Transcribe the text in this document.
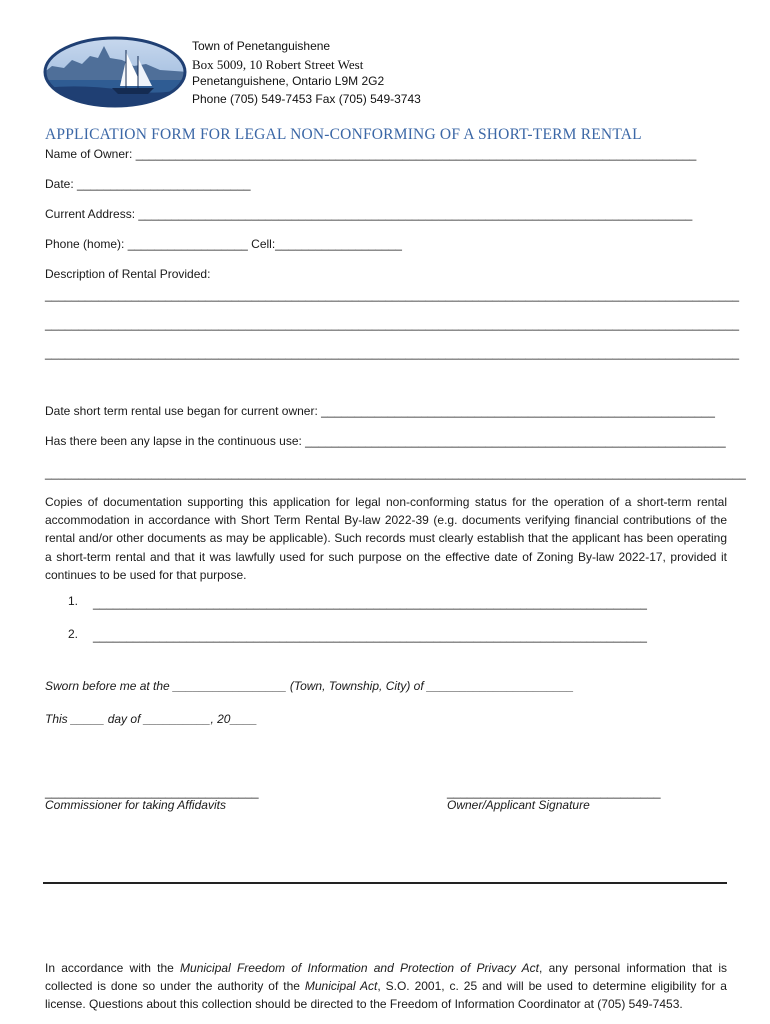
Town of Penetanguishene
Box 5009, 10 Robert Street West
Penetanguishene, Ontario L9M 2G2
Phone (705) 549-7453 Fax (705) 549-3743
APPLICATION FORM FOR LEGAL NON-CONFORMING OF A SHORT-TERM RENTAL
Name of Owner: ____________________________________________________________________________________
Date: __________________________
Current Address: ___________________________________________________________________________________
Phone (home): __________________ Cell:___________________
Description of Rental Provided:
________________________________________________________________________________________________________
________________________________________________________________________________________________________
________________________________________________________________________________________________________
Date short term rental use began for current owner: ___________________________________________________________
Has there been any lapse in the continuous use: _______________________________________________________________
_________________________________________________________________________________________________________
Copies of documentation supporting this application for legal non-conforming status for the operation of a short-term rental accommodation in accordance with Short Term Rental By-law 2022-39 (e.g. documents verifying financial contributions of the rental and/or other documents as may be applicable). Such records must clearly establish that the applicant has been operating a short-term rental and that it was lawfully used for such purpose on the effective date of Zoning By-law 2022-17, provided it continues to be used for that purpose.
1. ___________________________________________________________________________________
2. ___________________________________________________________________________________
Sworn before me at the _________________ (Town, Township, City) of ______________________
This _____ day of __________, 20____
________________________________
Commissioner for taking Affidavits
________________________________
Owner/Applicant Signature
In accordance with the Municipal Freedom of Information and Protection of Privacy Act, any personal information that is collected is done so under the authority of the Municipal Act, S.O. 2001, c. 25 and will be used to determine eligibility for a license. Questions about this collection should be directed to the Freedom of Information Coordinator at (705) 549-7453.
